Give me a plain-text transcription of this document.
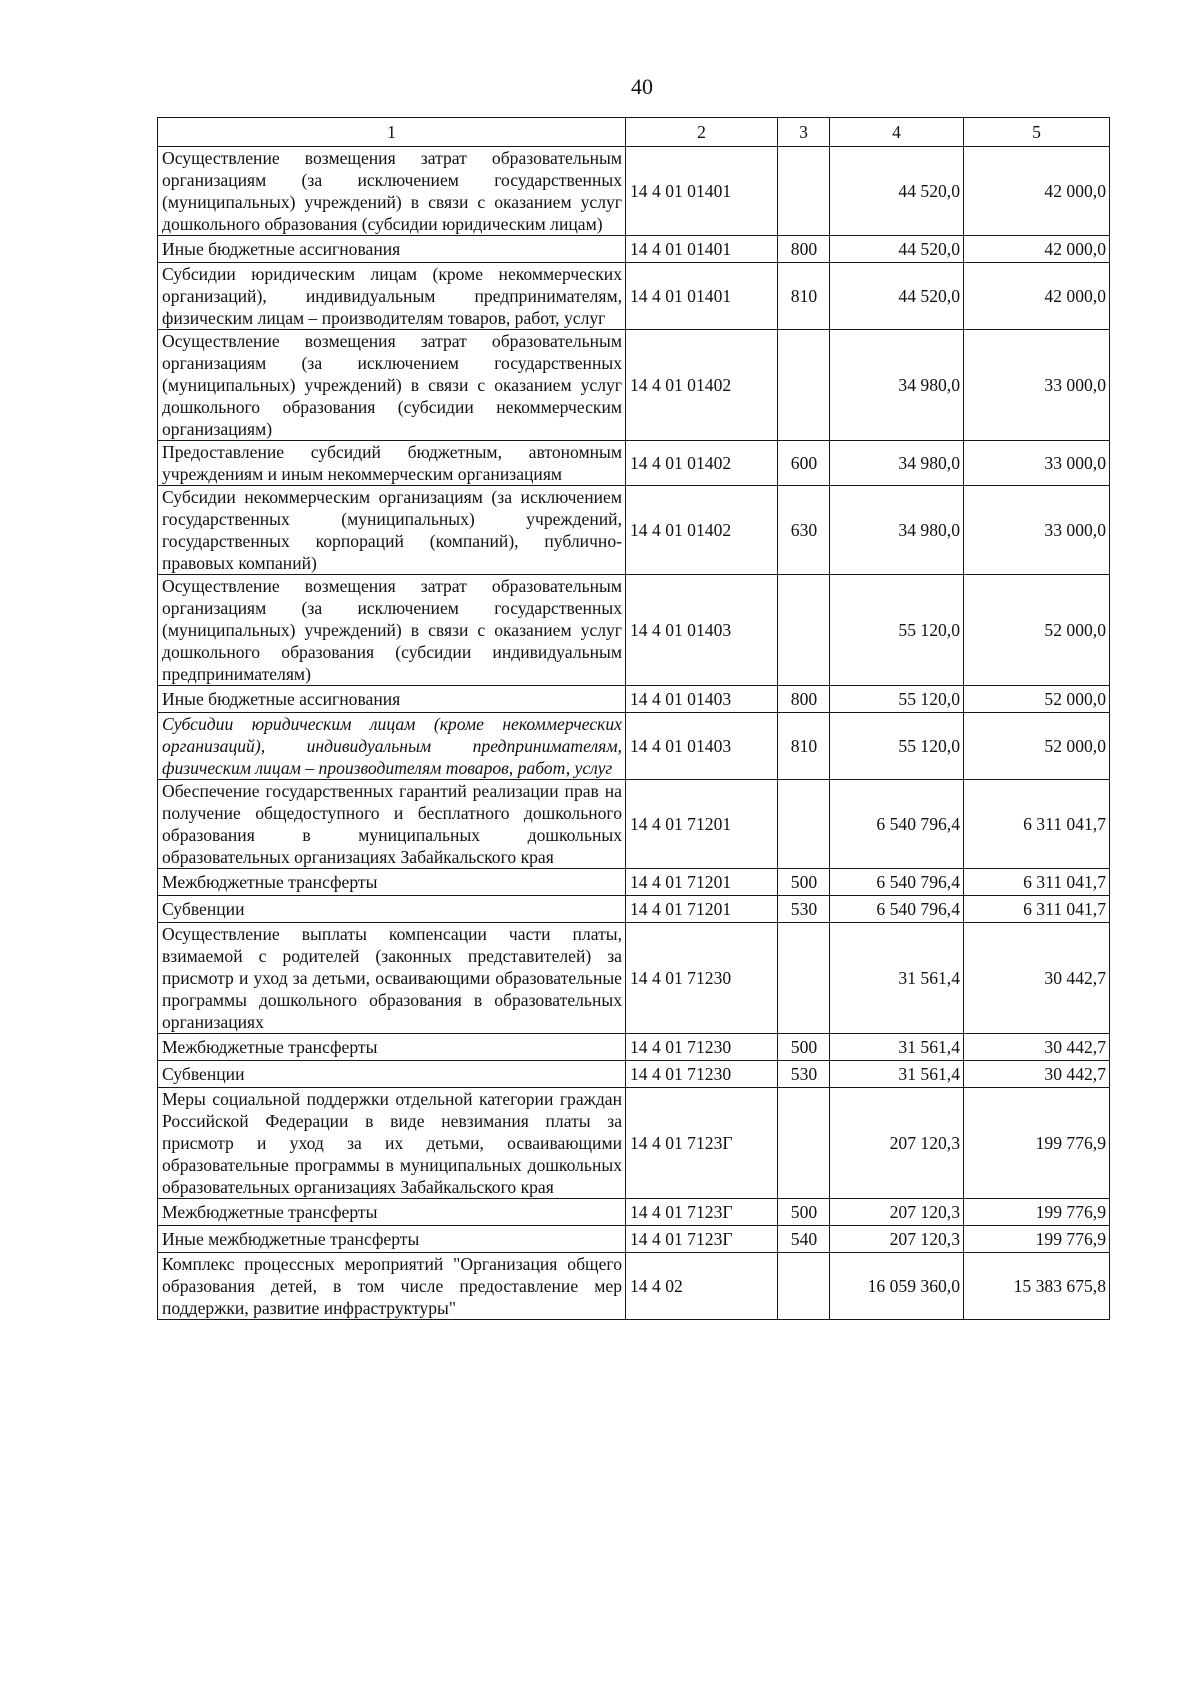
40
1	2	3	4	5
Осуществление возмещения затрат образовательным организациям (за исключением государственных (муниципальных) учреждений) в связи с оказанием услуг дошкольного образования (субсидии юридическим лицам)	14 4 01 01401		44 520,0	42 000,0
Иные бюджетные ассигнования	14 4 01 01401	800	44 520,0	42 000,0
Субсидии юридическим лицам (кроме некоммерческих организаций), индивидуальным предпринимателям, физическим лицам – производителям товаров, работ, услуг	14 4 01 01401	810	44 520,0	42 000,0
Осуществление возмещения затрат образовательным организациям (за исключением государственных (муниципальных) учреждений) в связи с оказанием услуг дошкольного образования (субсидии некоммерческим организациям)	14 4 01 01402		34 980,0	33 000,0
Предоставление субсидий бюджетным, автономным учреждениям и иным некоммерческим организациям	14 4 01 01402	600	34 980,0	33 000,0
Субсидии некоммерческим организациям (за исключением государственных (муниципальных) учреждений, государственных корпораций (компаний), публично-правовых компаний)	14 4 01 01402	630	34 980,0	33 000,0
Осуществление возмещения затрат образовательным организациям (за исключением государственных (муниципальных) учреждений) в связи с оказанием услуг дошкольного образования (субсидии индивидуальным предпринимателям)	14 4 01 01403		55 120,0	52 000,0
Иные бюджетные ассигнования	14 4 01 01403	800	55 120,0	52 000,0
Субсидии юридическим лицам (кроме некоммерческих организаций), индивидуальным предпринимателям, физическим лицам – производителям товаров, работ, услуг	14 4 01 01403	810	55 120,0	52 000,0
Обеспечение государственных гарантий реализации прав на получение общедоступного и бесплатного дошкольного образования в муниципальных дошкольных образовательных организациях Забайкальского края	14 4 01 71201		6 540 796,4	6 311 041,7
Межбюджетные трансферты	14 4 01 71201	500	6 540 796,4	6 311 041,7
Субвенции	14 4 01 71201	530	6 540 796,4	6 311 041,7
Осуществление выплаты компенсации части платы, взимаемой с родителей (законных представителей) за присмотр и уход за детьми, осваивающими образовательные программы дошкольного образования в образовательных организациях	14 4 01 71230		31 561,4	30 442,7
Межбюджетные трансферты	14 4 01 71230	500	31 561,4	30 442,7
Субвенции	14 4 01 71230	530	31 561,4	30 442,7
Меры социальной поддержки отдельной категории граждан Российской Федерации в виде невзимания платы за присмотр и уход за их детьми, осваивающими образовательные программы в муниципальных дошкольных образовательных организациях Забайкальского края	14 4 01 7123Г		207 120,3	199 776,9
Межбюджетные трансферты	14 4 01 7123Г	500	207 120,3	199 776,9
Иные межбюджетные трансферты	14 4 01 7123Г	540	207 120,3	199 776,9
Комплекс процессных мероприятий "Организация общего образования детей, в том числе предоставление мер поддержки, развитие инфраструктуры"	14 4 02		16 059 360,0	15 383 675,8
